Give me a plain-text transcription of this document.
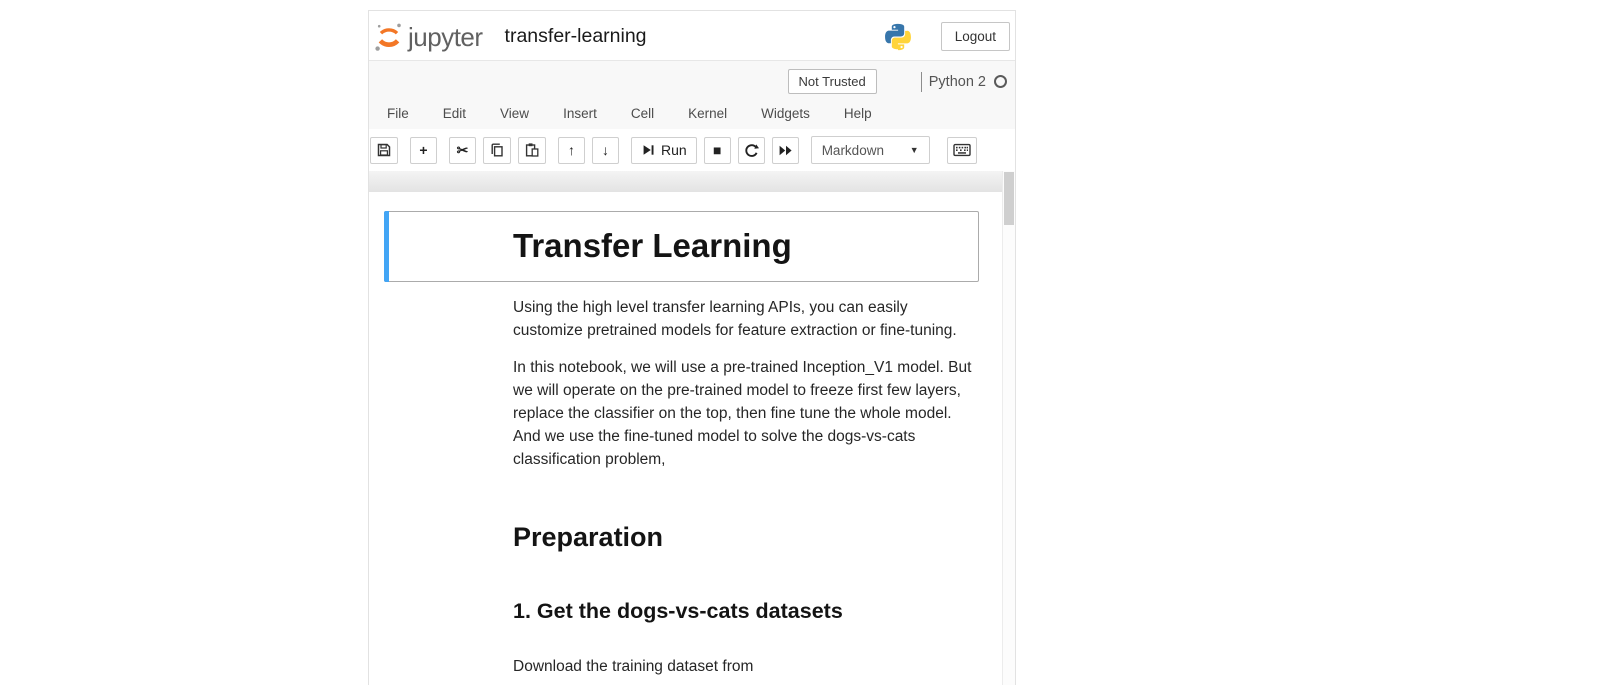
jupyter transfer-learning	Logout
Not Trusted	Python 2
File	Edit	View	Insert	Cell	Kernel	Widgets	Help
+ ✂	↑ ↓	Run ■	Markdown	▼
Transfer Learning

Using the high level transfer learning APIs, you can easily customize pretrained models for feature extraction or fine-tuning.

In this notebook, we will use a pre-trained Inception_V1 model. But we will operate on the pre-trained model to freeze first few layers, replace the classifier on the top, then fine tune the whole model. And we use the fine-tuned model to solve the dogs-vs-cats classification problem,

Preparation
1. Get the dogs-vs-cats datasets

Download the training dataset from
